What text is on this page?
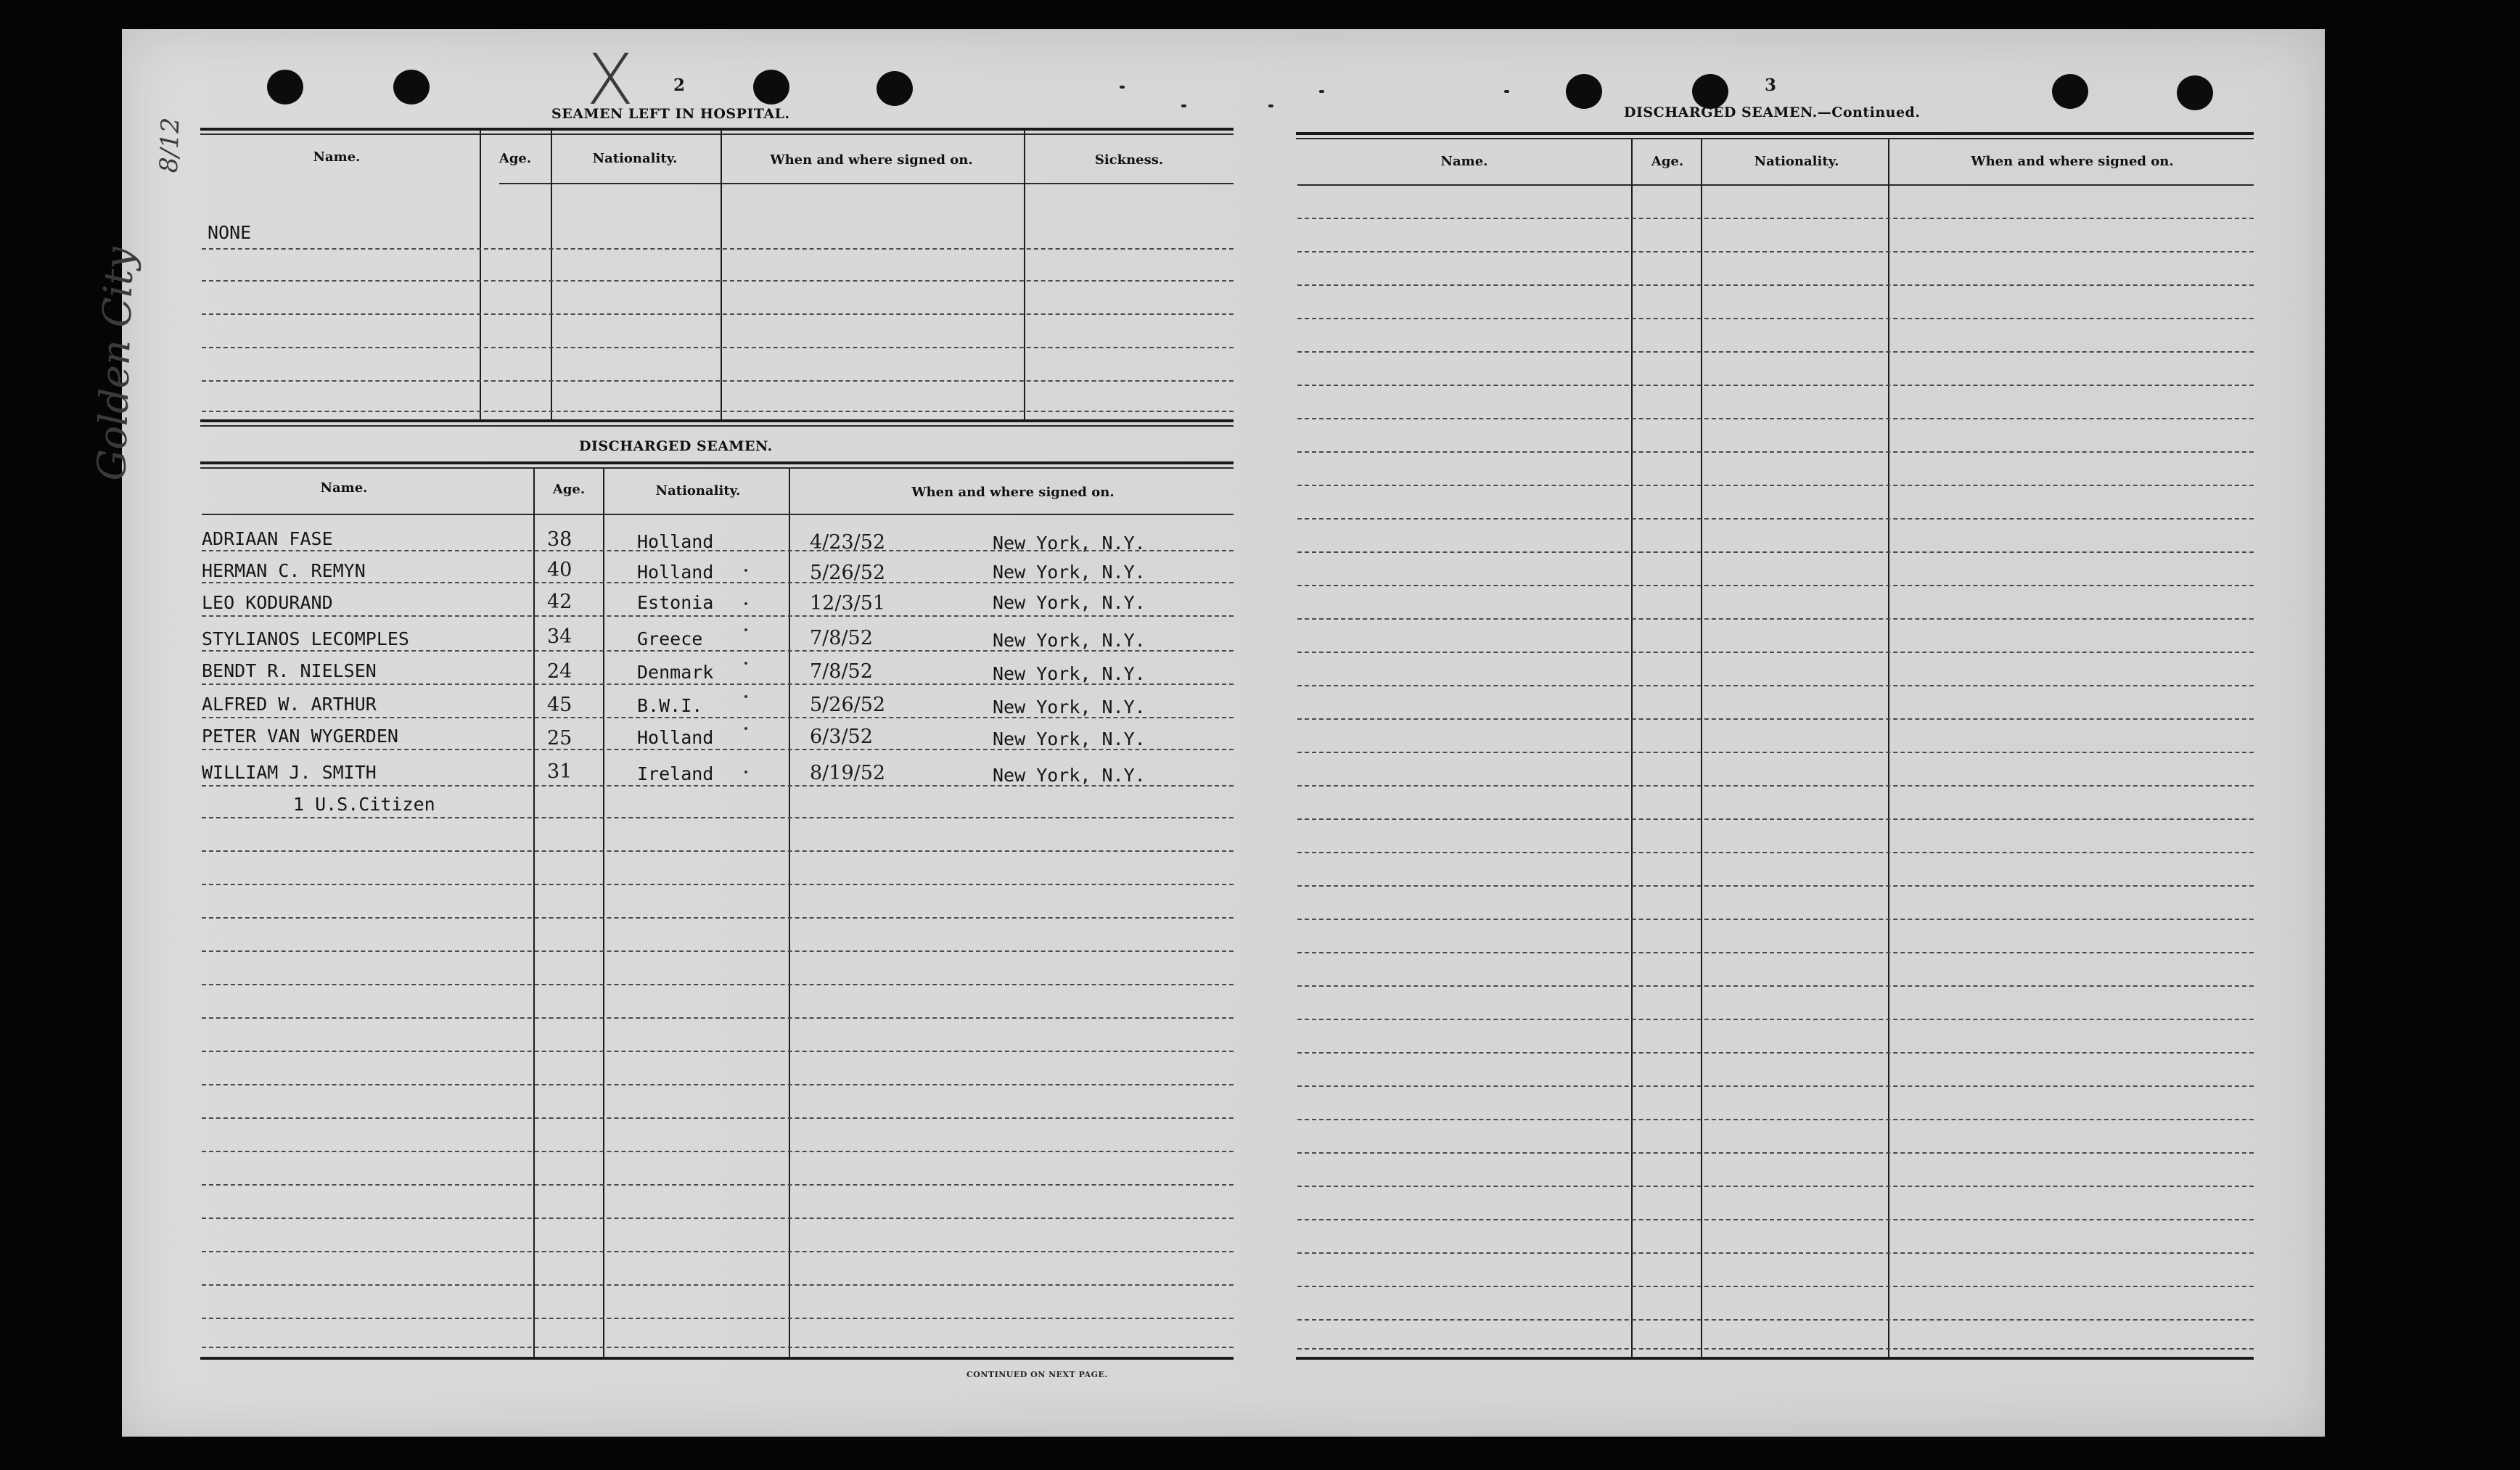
Golden City
8/12
X 2
SEAMEN LEFT IN HOSPITAL.
Name.	Age.	Nationality.	When and where signed on.	Sickness.
NONE
DISCHARGED SEAMEN.
Name.	Age.	Nationality.	When and where signed on.
ADRIAAN FASE	38	Holland	4/23/52	New York, N.Y.
HERMAN C. REMYN	40	Holland	5/26/52	New York, N.Y.
LEO KODURAND	42	Estonia	12/3/51	New York, N.Y.
STYLIANOS LECOMPLES	34	Greece	7/8/52	New York, N.Y.
BENDT R. NIELSEN	24	Denmark	7/8/52	New York, N.Y.
ALFRED W. ARTHUR	45	B.W.I.	5/26/52	New York, N.Y.
PETER VAN WYGERDEN	25	Holland	6/3/52	New York, N.Y.
WILLIAM J. SMITH	31	Ireland	8/19/52	New York, N.Y.
1 U.S.Citizen
CONTINUED ON NEXT PAGE.
3
DISCHARGED SEAMEN.—Continued.
Name.	Age.	Nationality.	When and where signed on.
